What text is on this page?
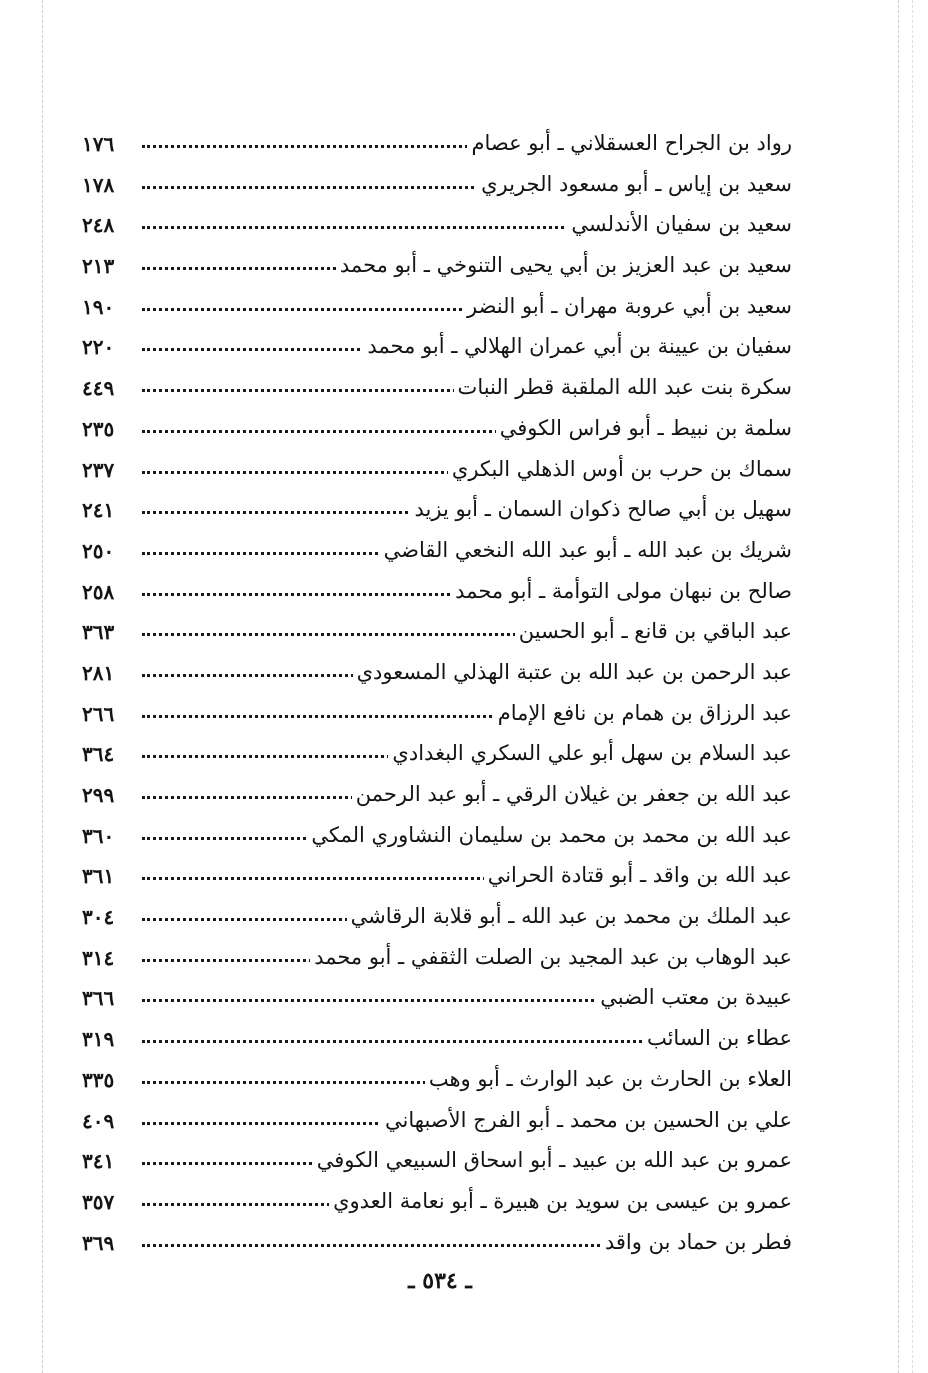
رواد بن الجراح العسقلاني ـ أبو عصام
١٧٦
سعيد بن إياس ـ أبو مسعود الجريري
١٧٨
سعيد بن سفيان الأندلسي
٢٤٨
سعيد بن عبد العزيز بن أبي يحيى التنوخي ـ أبو محمد
٢١٣
سعيد بن أبي عروبة مهران ـ أبو النضر
١٩٠
سفيان بن عيينة بن أبي عمران الهلالي ـ أبو محمد
٢٢٠
سكرة بنت عبد الله الملقبة قطر النبات
٤٤٩
سلمة بن نبيط ـ أبو فراس الكوفي
٢٣٥
سماك بن حرب بن أوس الذهلي البكري
٢٣٧
سهيل بن أبي صالح ذكوان السمان ـ أبو يزيد
٢٤١
شريك بن عبد الله ـ أبو عبد الله النخعي القاضي
٢٥٠
صالح بن نبهان مولى التوأمة ـ أبو محمد
٢٥٨
عبد الباقي بن قانع ـ أبو الحسين
٣٦٣
عبد الرحمن بن عبد الله بن عتبة الهذلي المسعودي
٢٨١
عبد الرزاق بن همام بن نافع الإمام
٢٦٦
عبد السلام بن سهل أبو علي السكري البغدادي
٣٦٤
عبد الله بن جعفر بن غيلان الرقي ـ أبو عبد الرحمن
٢٩٩
عبد الله بن محمد بن محمد بن سليمان النشاوري المكي
٣٦٠
عبد الله بن واقد ـ أبو قتادة الحراني
٣٦١
عبد الملك بن محمد بن عبد الله ـ أبو قلابة الرقاشي
٣٠٤
عبد الوهاب بن عبد المجيد بن الصلت الثقفي ـ أبو محمد
٣١٤
عبيدة بن معتب الضبي
٣٦٦
عطاء بن السائب
٣١٩
العلاء بن الحارث بن عبد الوارث ـ أبو وهب
٣٣٥
علي بن الحسين بن محمد ـ أبو الفرج الأصبهاني
٤٠٩
عمرو بن عبد الله بن عبيد ـ أبو اسحاق السبيعي الكوفي
٣٤١
عمرو بن عيسى بن سويد بن هبيرة ـ أبو نعامة العدوي
٣٥٧
فطر بن حماد بن واقد
٣٦٩
ـ ٥٣٤ ـ
